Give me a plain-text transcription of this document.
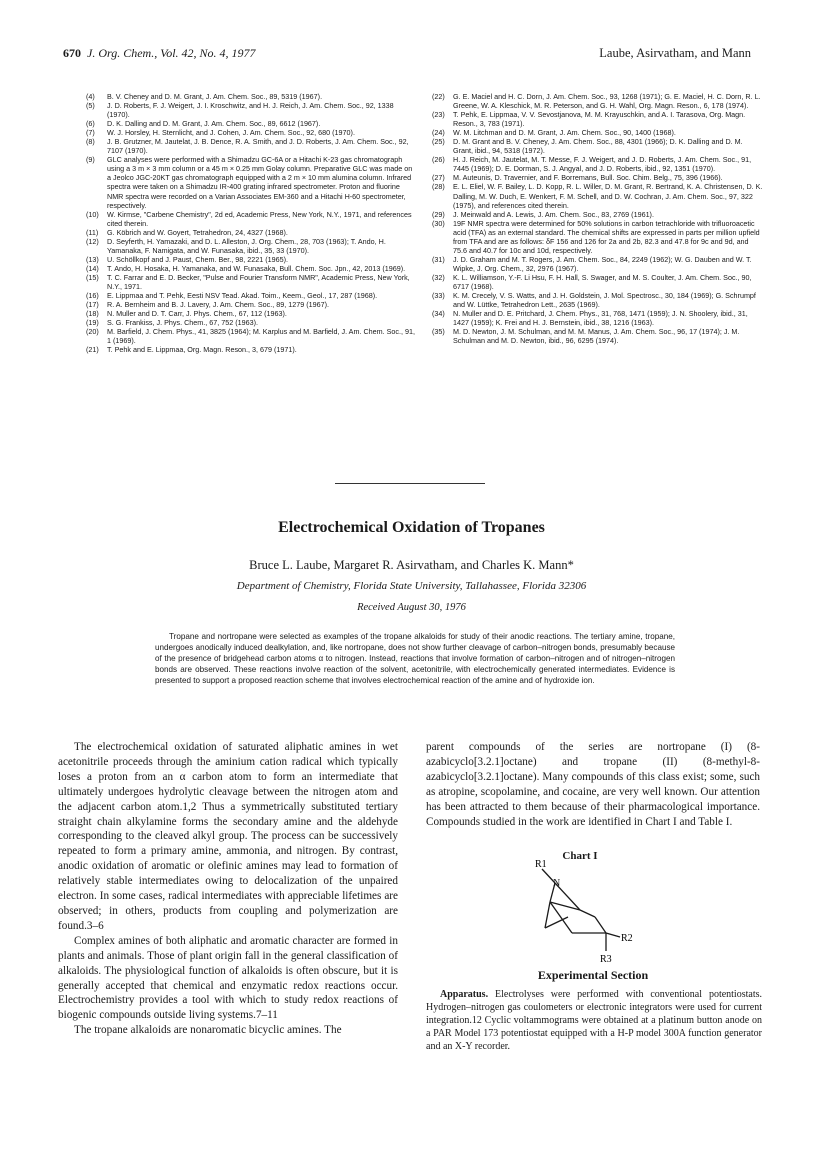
670 J. Org. Chem., Vol. 42, No. 4, 1977	Laube, Asirvatham, and Mann
(4)	B. V. Cheney and D. M. Grant, J. Am. Chem. Soc., 89, 5319 (1967).
(5)	J. D. Roberts, F. J. Weigert, J. I. Kroschwitz, and H. J. Reich, J. Am. Chem. Soc., 92, 1338 (1970).
(6)	D. K. Dalling and D. M. Grant, J. Am. Chem. Soc., 89, 6612 (1967).
(7)	W. J. Horsley, H. Sternlicht, and J. Cohen, J. Am. Chem. Soc., 92, 680 (1970).
(8)	J. B. Grutzner, M. Jautelat, J. B. Dence, R. A. Smith, and J. D. Roberts, J. Am. Chem. Soc., 92, 7107 (1970).
(9)	GLC analyses were performed with a Shimadzu GC-6A or a Hitachi K-23 gas chromatograph using a 3 m × 3 mm column or a 45 m × 0.25 mm Golay column. Preparative GLC was made on a Jeolco JGC-20KT gas chromatograph equipped with a 2 m × 10 mm alumina column. Infrared spectra were taken on a Shimadzu IR-400 grating infrared spectrometer. Proton and fluorine NMR spectra were recorded on a Varian Associates EM-360 and a Hitachi H-60 spectrometer, respectively.
(10)	W. Kirmse, "Carbene Chemistry", 2d ed, Academic Press, New York, N.Y., 1971, and references cited therein.
(11)	G. Köbrich and W. Goyert, Tetrahedron, 24, 4327 (1968).
(12)	D. Seyferth, H. Yamazaki, and D. L. Alleston, J. Org. Chem., 28, 703 (1963); T. Ando, H. Yamanaka, F. Namigata, and W. Funasaka, ibid., 35, 33 (1970).
(13)	U. Schöllkopf and J. Paust, Chem. Ber., 98, 2221 (1965).
(14)	T. Ando, H. Hosaka, H. Yamanaka, and W. Funasaka, Bull. Chem. Soc. Jpn., 42, 2013 (1969).
(15)	T. C. Farrar and E. D. Becker, "Pulse and Fourier Transform NMR", Academic Press, New York, N.Y., 1971.
(16)	E. Lippmaa and T. Pehk, Eesti NSV Tead. Akad. Toim., Keem., Geol., 17, 287 (1968).
(17)	R. A. Bernheim and B. J. Lavery, J. Am. Chem. Soc., 89, 1279 (1967).
(18)	N. Muller and D. T. Carr, J. Phys. Chem., 67, 112 (1963).
(19)	S. G. Frankiss, J. Phys. Chem., 67, 752 (1963).
(20)	M. Barfield, J. Chem. Phys., 41, 3825 (1964); M. Karplus and M. Barfield, J. Am. Chem. Soc., 91, 1 (1969).
(21)	T. Pehk and E. Lippmaa, Org. Magn. Reson., 3, 679 (1971).
(22)	G. E. Maciel and H. C. Dorn, J. Am. Chem. Soc., 93, 1268 (1971); G. E. Maciel, H. C. Dorn, R. L. Greene, W. A. Kleschick, M. R. Peterson, and G. H. Wahl, Org. Magn. Reson., 6, 178 (1974).
(23)	T. Pehk, E. Lippmaa, V. V. Sevostjanova, M. M. Krayuschkin, and A. I. Tarasova, Org. Magn. Reson., 3, 783 (1971).
(24)	W. M. Litchman and D. M. Grant, J. Am. Chem. Soc., 90, 1400 (1968).
(25)	D. M. Grant and B. V. Cheney, J. Am. Chem. Soc., 88, 4301 (1966); D. K. Dalling and D. M. Grant, ibid., 94, 5318 (1972).
(26)	H. J. Reich, M. Jautelat, M. T. Messe, F. J. Weigert, and J. D. Roberts, J. Am. Chem. Soc., 91, 7445 (1969); D. E. Dorman, S. J. Angyal, and J. D. Roberts, ibid., 92, 1351 (1970).
(27)	M. Auteunis, D. Travernier, and F. Borremans, Bull. Soc. Chim. Belg., 75, 396 (1966).
(28)	E. L. Eliel, W. F. Bailey, L. D. Kopp, R. L. Willer, D. M. Grant, R. Bertrand, K. A. Christensen, D. K. Dalling, M. W. Duch, E. Wenkert, F. M. Schell, and D. W. Cochran, J. Am. Chem. Soc., 97, 322 (1975), and references cited therein.
(29)	J. Meinwald and A. Lewis, J. Am. Chem. Soc., 83, 2769 (1961).
(30)	19F NMR spectra were determined for 50% solutions in carbon tetrachloride with trifluoroacetic acid (TFA) as an external standard. The chemical shifts are expressed in parts per million upfield from TFA and are as follows: δF 156 and 126 for 2a and 2b, 82.3 and 47.8 for 9c and 9d, and 75.6 and 40.7 for 10c and 10d, respectively.
(31)	J. D. Graham and M. T. Rogers, J. Am. Chem. Soc., 84, 2249 (1962); W. G. Dauben and W. T. Wipke, J. Org. Chem., 32, 2976 (1967).
(32)	K. L. Williamson, Y.-F. Li Hsu, F. H. Hall, S. Swager, and M. S. Coulter, J. Am. Chem. Soc., 90, 6717 (1968).
(33)	K. M. Crecely, V. S. Watts, and J. H. Goldstein, J. Mol. Spectrosc., 30, 184 (1969); G. Schrumpf and W. Lüttke, Tetrahedron Lett., 2635 (1969).
(34)	N. Muller and D. E. Pritchard, J. Chem. Phys., 31, 768, 1471 (1959); J. N. Shoolery, ibid., 31, 1427 (1959); K. Frei and H. J. Bernstein, ibid., 38, 1216 (1963).
(35)	M. D. Newton, J. M. Schulman, and M. M. Manus, J. Am. Chem. Soc., 96, 17 (1974); J. M. Schulman and M. D. Newton, ibid., 96, 6295 (1974).
Electrochemical Oxidation of Tropanes
Bruce L. Laube, Margaret R. Asirvatham, and Charles K. Mann*
Department of Chemistry, Florida State University, Tallahassee, Florida 32306
Received August 30, 1976

Tropane and nortropane were selected as examples of the tropane alkaloids for study of their anodic reactions. The tertiary amine, tropane, undergoes anodically induced dealkylation, and, like nortropane, does not show further cleavage of carbon–nitrogen bonds, presumably because of the presence of bridgehead carbon atoms α to nitrogen. Instead, reactions that involve formation of carbon–nitrogen and of nitrogen–nitrogen bonds are observed. These reactions involve reaction of the solvent, acetonitrile, with electrochemically generated intermediates. Evidence is presented to support a proposed reaction scheme that involves electrochemical reaction of the amine and of hydroxide ion.

The electrochemical oxidation of saturated aliphatic amines in wet acetonitrile proceeds through the aminium cation radical which typically loses a proton from an α carbon atom to form an intermediate that ultimately undergoes hydrolytic cleavage between the nitrogen atom and the adjacent carbon atom.1,2 Thus a symmetrically substituted tertiary straight chain alkylamine forms the secondary amine and the aldehyde corresponding to the cleaved alkyl group. The process can be successively repeated to form a primary amine, ammonia, and nitrogen. By contrast, anodic oxidation of aromatic or olefinic amines may lead to formation of relatively stable intermediates owing to delocalization of the unpaired electron. In some cases, radical intermediates with appreciable lifetimes are observed; in others, products from coupling and polymerization are found.3–6

Complex amines of both aliphatic and aromatic character are formed in plants and animals. Those of plant origin fall in the general classification of alkaloids. The physiological function of alkaloids is often obscure, but it is generally accepted that chemical and enzymatic redox reactions occur. Electrochemistry provides a tool with which to study redox reactions of biogenic compounds outside living systems.7–11

The tropane alkaloids are nonaromatic bicyclic amines. The

parent compounds of the series are nortropane (I) (8-azabicyclo[3.2.1]octane) and tropane (II) (8-methyl-8-azabicyclo[3.2.1]octane). Many compounds of this class exist; some, such as atropine, scopolamine, and cocaine, are very well known. Our attention has been attracted to them because of their pharmacological importance. Compounds studied in the work are identified in Chart I and Table I.

Chart I
R1
N
R2
R3
Experimental Section

Apparatus. Electrolyses were performed with conventional potentiostats. Hydrogen–nitrogen gas coulometers or electronic integrators were used for current integration.12 Cyclic voltammograms were obtained at a platinum button anode on a PAR Model 173 potentiostat equipped with a H-P model 300A function generator and an X-Y recorder.
